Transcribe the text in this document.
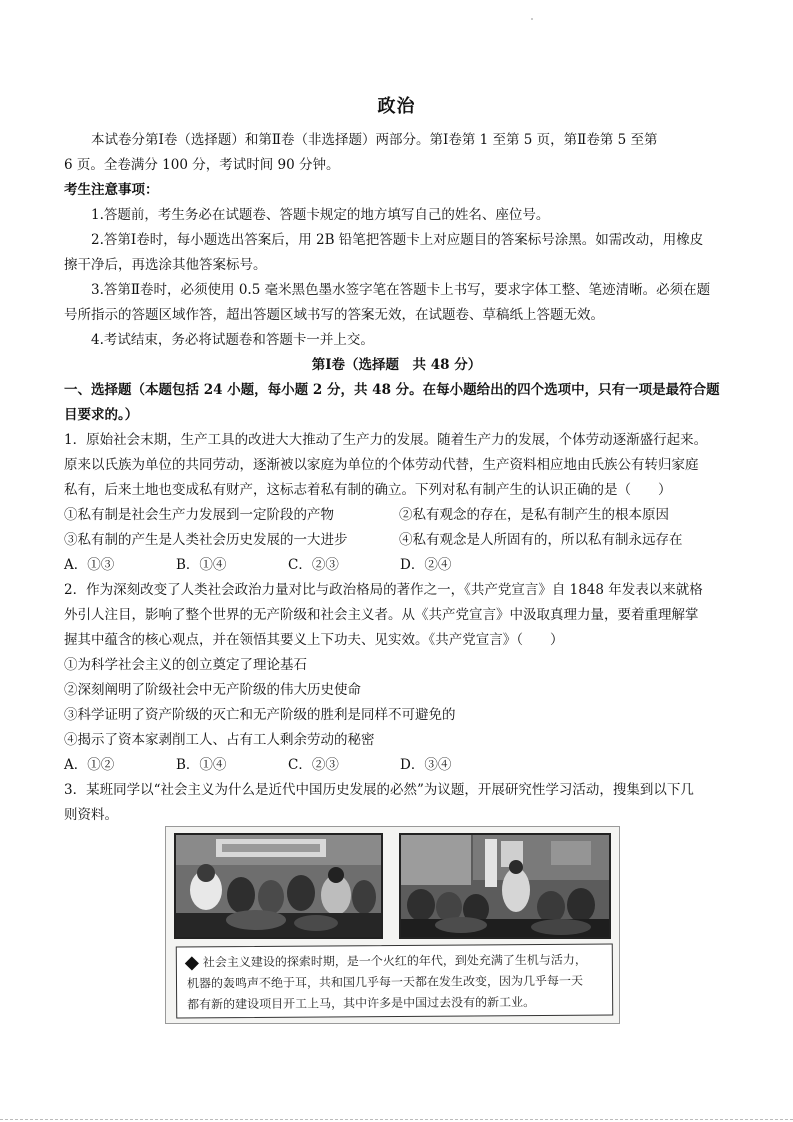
政治
本试卷分第Ⅰ卷（选择题）和第Ⅱ卷（非选择题）两部分。第Ⅰ卷第 1 至第 5 页，第Ⅱ卷第 5 至第
6 页。全卷满分 100 分，考试时间 90 分钟。
考生注意事项：
1.答题前，考生务必在试题卷、答题卡规定的地方填写自己的姓名、座位号。
2.答第Ⅰ卷时，每小题选出答案后，用 2B 铅笔把答题卡上对应题目的答案标号涂黑。如需改动，用橡皮
擦干净后，再选涂其他答案标号。
3.答第Ⅱ卷时，必须使用 0.5 毫米黑色墨水签字笔在答题卡上书写，要求字体工整、笔迹清晰。必须在题
号所指示的答题区域作答，超出答题区域书写的答案无效，在试题卷、草稿纸上答题无效。
4.考试结束，务必将试题卷和答题卡一并上交。
第Ⅰ卷（选择题　共 48 分）
一、选择题（本题包括 24 小题，每小题 2 分，共 48 分。在每小题给出的四个选项中，只有一项是最符合题
目要求的。）
1．原始社会末期，生产工具的改进大大推动了生产力的发展。随着生产力的发展，个体劳动逐渐盛行起来。
原来以氏族为单位的共同劳动，逐渐被以家庭为单位的个体劳动代替，生产资料相应地由氏族公有转归家庭
私有，后来土地也变成私有财产，这标志着私有制的确立。下列对私有制产生的认识正确的是（　　）
①私有制是社会生产力发展到一定阶段的产物	②私有观念的存在，是私有制产生的根本原因
③私有制的产生是人类社会历史发展的一大进步	④私有观念是人所固有的，所以私有制永远存在
A．①③	B．①④	C．②③	D．②④
2．作为深刻改变了人类社会政治力量对比与政治格局的著作之一，《共产党宣言》自 1848 年发表以来就格
外引人注目，影响了整个世界的无产阶级和社会主义者。从《共产党宣言》中汲取真理力量，要着重理解掌
握其中蕴含的核心观点，并在领悟其要义上下功夫、见实效。《共产党宣言》（　　）
①为科学社会主义的创立奠定了理论基石
②深刻阐明了阶级社会中无产阶级的伟大历史使命
③科学证明了资产阶级的灭亡和无产阶级的胜利是同样不可避免的
④揭示了资本家剥削工人、占有工人剩余劳动的秘密
A．①②	B．①④	C．②③	D．③④
3．某班同学以“社会主义为什么是近代中国历史发展的必然”为议题，开展研究性学习活动，搜集到以下几
则资料。
社会主义建设的探索时期，是一个火红的年代，到处充满了生机与活力，
机器的轰鸣声不绝于耳，共和国几乎每一天都在发生改变，因为几乎每一天
都有新的建设项目开工上马，其中许多是中国过去没有的新工业。
